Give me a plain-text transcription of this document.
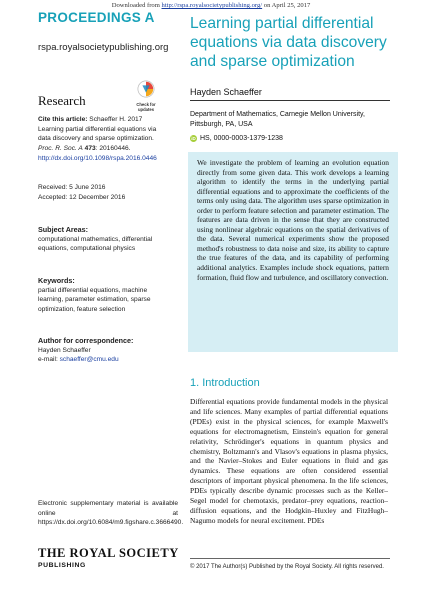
Downloaded from http://rspa.royalsocietypublishing.org/ on April 25, 2017
PROCEEDINGS A
rspa.royalsocietypublishing.org
Research	Check for
updates
Cite this article: Schaeffer H. 2017 Learning partial differential equations via data discovery and sparse optimization. Proc. R. Soc. A 473: 20160446.
http://dx.doi.org/10.1098/rspa.2016.0446
Received: 5 June 2016
Accepted: 12 December 2016
Subject Areas:
computational mathematics, differential equations, computational physics
Keywords:
partial differential equations, machine learning, parameter estimation, sparse optimization, feature selection
Author for correspondence:
Hayden Schaeffer
e-mail: schaeffer@cmu.edu
Electronic supplementary material is available online at https://dx.doi.org/10.6084/m9.figshare.c.3666490.
THE ROYAL SOCIETY
PUBLISHING
Learning partial differential equations via data discovery and sparse optimization
Hayden Schaeffer
Department of Mathematics, Carnegie Mellon University,
Pittsburgh, PA, USA
iD HS, 0000-0003-1379-1238
We investigate the problem of learning an evolution equation directly from some given data. This work develops a learning algorithm to identify the terms in the underlying partial differential equations and to approximate the coefficients of the terms only using data. The algorithm uses sparse optimization in order to perform feature selection and parameter estimation. The features are data driven in the sense that they are constructed using nonlinear algebraic equations on the spatial derivatives of the data. Several numerical experiments show the proposed method's robustness to data noise and size, its ability to capture the true features of the data, and its capability of performing additional analytics. Examples include shock equations, pattern formation, fluid flow and turbulence, and oscillatory convection.
1. Introduction
Differential equations provide fundamental models in the physical and life sciences. Many examples of partial differential equations (PDEs) exist in the physical sciences, for example Maxwell's equations for electromagnetism, Einstein's equation for general relativity, Schrödinger's equations in quantum physics and chemistry, Boltzmann's and Vlasov's equations in plasma physics, and the Navier–Stokes and Euler equations in fluid and gas dynamics. These equations are often considered essential descriptors of important physical phenomena. In the life sciences, PDEs typically describe dynamic processes such as the Keller–Segel model for chemotaxis, predator–prey equations, reaction–diffusion equations, and the Hodgkin–Huxley and FitzHugh–Nagumo models for neural excitement. PDEs
© 2017 The Author(s) Published by the Royal Society. All rights reserved.
